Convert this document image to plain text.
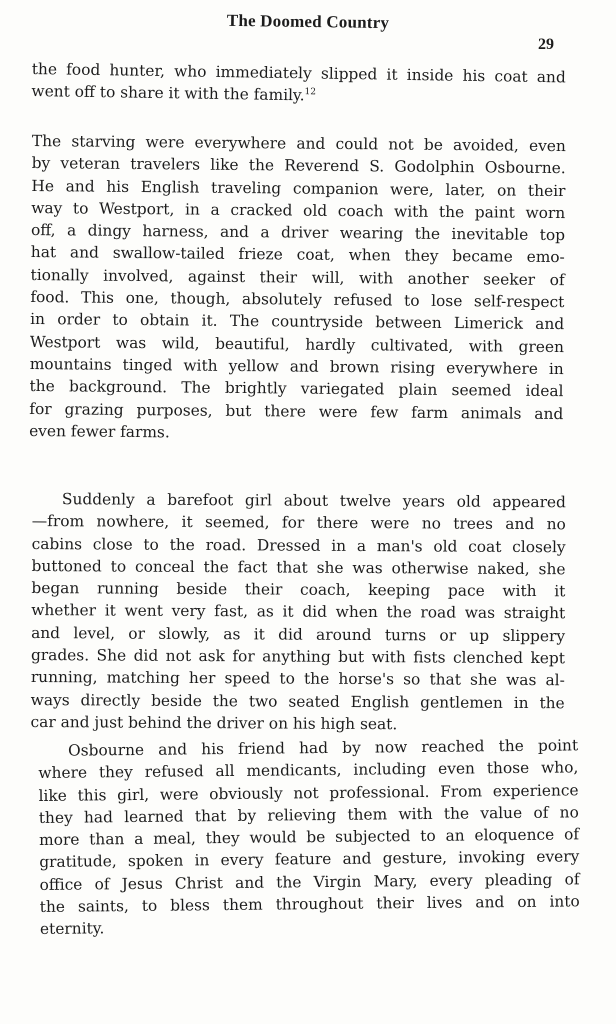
The Doomed Country
29
the food hunter, who immediately slipped it inside his coat and
went off to share it with the family.$^{12}$
The starving were everywhere and could not be avoided, even
by veteran travelers like the Reverend S. Godolphin Osbourne.
He and his English traveling companion were, later, on their
way to Westport, in a cracked old coach with the paint worn
off, a dingy harness, and a driver wearing the inevitable top
hat and swallow-tailed frieze coat, when they became emo-
tionally involved, against their will, with another seeker of
food. This one, though, absolutely refused to lose self-respect
in order to obtain it. The countryside between Limerick and
Westport was wild, beautiful, hardly cultivated, with green
mountains tinged with yellow and brown rising everywhere in
the background. The brightly variegated plain seemed ideal
for grazing purposes, but there were few farm animals and
even fewer farms.
Suddenly a barefoot girl about twelve years old appeared
—from nowhere, it seemed, for there were no trees and no
cabins close to the road. Dressed in a man's old coat closely
buttoned to conceal the fact that she was otherwise naked, she
began running beside their coach, keeping pace with it
whether it went very fast, as it did when the road was straight
and level, or slowly, as it did around turns or up slippery
grades. She did not ask for anything but with fists clenched kept
running, matching her speed to the horse's so that she was al-
ways directly beside the two seated English gentlemen in the
car and just behind the driver on his high seat.
Osbourne and his friend had by now reached the point
where they refused all mendicants, including even those who,
like this girl, were obviously not professional. From experience
they had learned that by relieving them with the value of no
more than a meal, they would be subjected to an eloquence of
gratitude, spoken in every feature and gesture, invoking every
office of Jesus Christ and the Virgin Mary, every pleading of
the saints, to bless them throughout their lives and on into
eternity.
